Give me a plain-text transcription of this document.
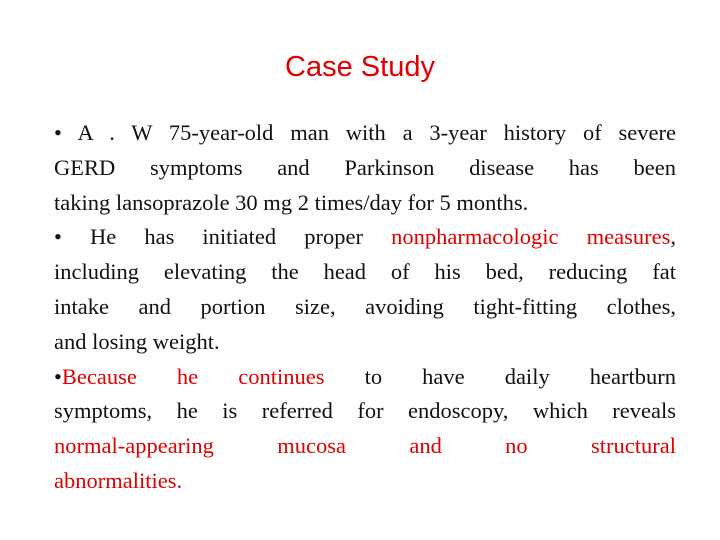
Case Study
• A . W 75-year-old man with a 3-year history of severe
GERD symptoms and Parkinson disease has been
taking lansoprazole 30 mg 2 times/day for 5 months.
• He has initiated proper nonpharmacologic measures,
including elevating the head of his bed, reducing fat
intake and portion size, avoiding tight-fitting clothes,
and losing weight.
•Because he continues to have daily heartburn
symptoms, he is referred for endoscopy, which reveals
normal-appearing mucosa and no structural
abnormalities.
